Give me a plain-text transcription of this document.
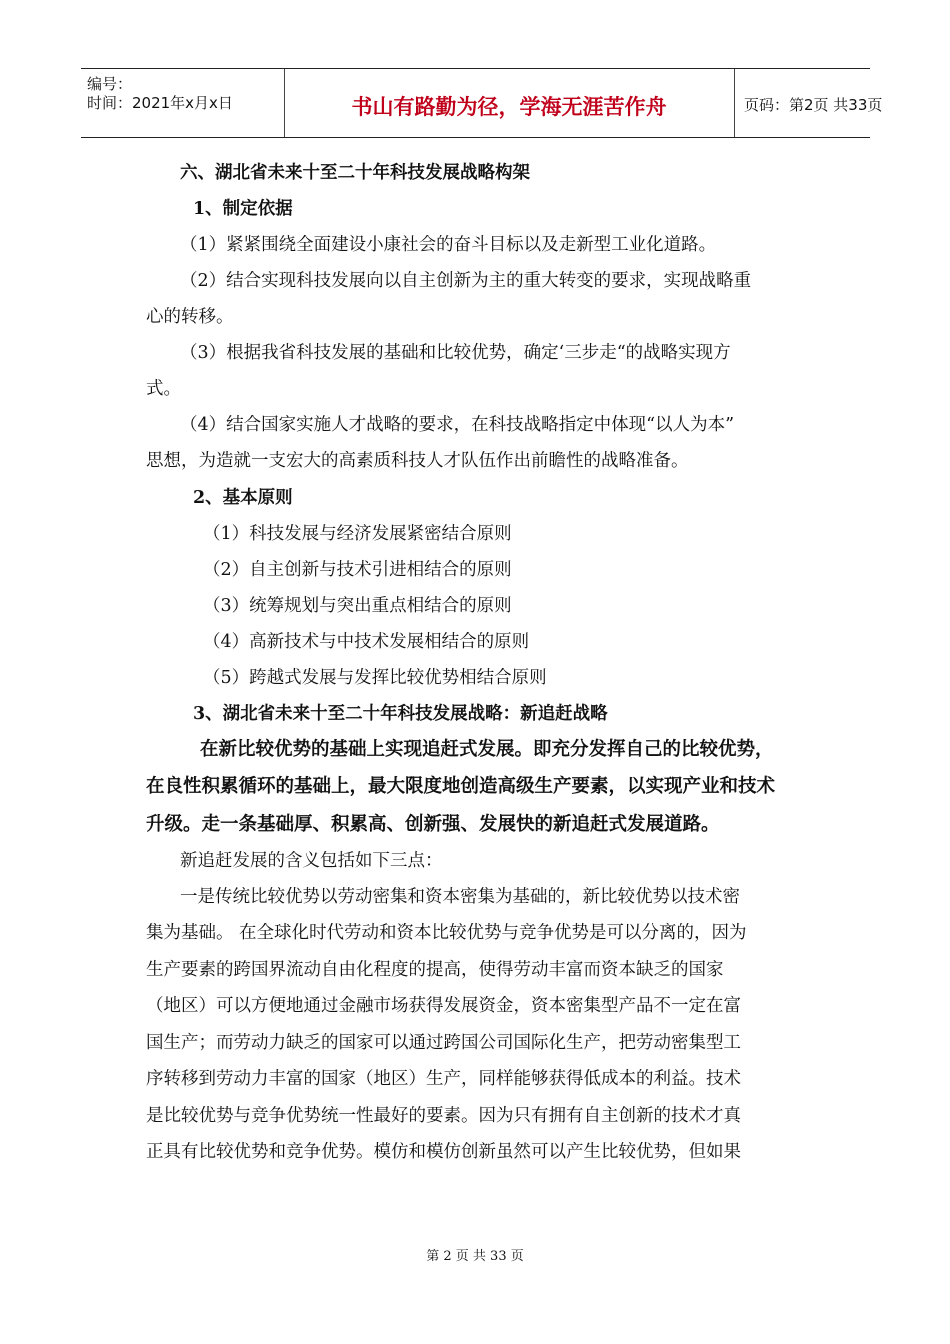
编号：
时间：2021年x月x日	书山有路勤为径，学海无涯苦作舟	页码：第2页 共33页
六、湖北省未来十至二十年科技发展战略构架
1、制定依据
（1）紧紧围绕全面建设小康社会的奋斗目标以及走新型工业化道路。
（2）结合实现科技发展向以自主创新为主的重大转变的要求，实现战略重
心的转移。
（3）根据我省科技发展的基础和比较优势，确定‘三步走“的战略实现方
式。
（4）结合国家实施人才战略的要求，在科技战略指定中体现“以人为本”
思想，为造就一支宏大的高素质科技人才队伍作出前瞻性的战略准备。
2、基本原则
（1）科技发展与经济发展紧密结合原则
（2）自主创新与技术引进相结合的原则
（3）统筹规划与突出重点相结合的原则
（4）高新技术与中技术发展相结合的原则
（5）跨越式发展与发挥比较优势相结合原则
3、湖北省未来十至二十年科技发展战略：新追赶战略
在新比较优势的基础上实现追赶式发展。即充分发挥自己的比较优势，
在良性积累循环的基础上，最大限度地创造高级生产要素，以实现产业和技术
升级。走一条基础厚、积累高、创新强、发展快的新追赶式发展道路。
新追赶发展的含义包括如下三点：
一是传统比较优势以劳动密集和资本密集为基础的，新比较优势以技术密
集为基础。 在全球化时代劳动和资本比较优势与竞争优势是可以分离的，因为
生产要素的跨国界流动自由化程度的提高，使得劳动丰富而资本缺乏的国家
（地区）可以方便地通过金融市场获得发展资金，资本密集型产品不一定在富
国生产；而劳动力缺乏的国家可以通过跨国公司国际化生产，把劳动密集型工
序转移到劳动力丰富的国家（地区）生产，同样能够获得低成本的利益。技术
是比较优势与竞争优势统一性最好的要素。因为只有拥有自主创新的技术才真
正具有比较优势和竞争优势。模仿和模仿创新虽然可以产生比较优势，但如果
第 2 页 共 33 页
